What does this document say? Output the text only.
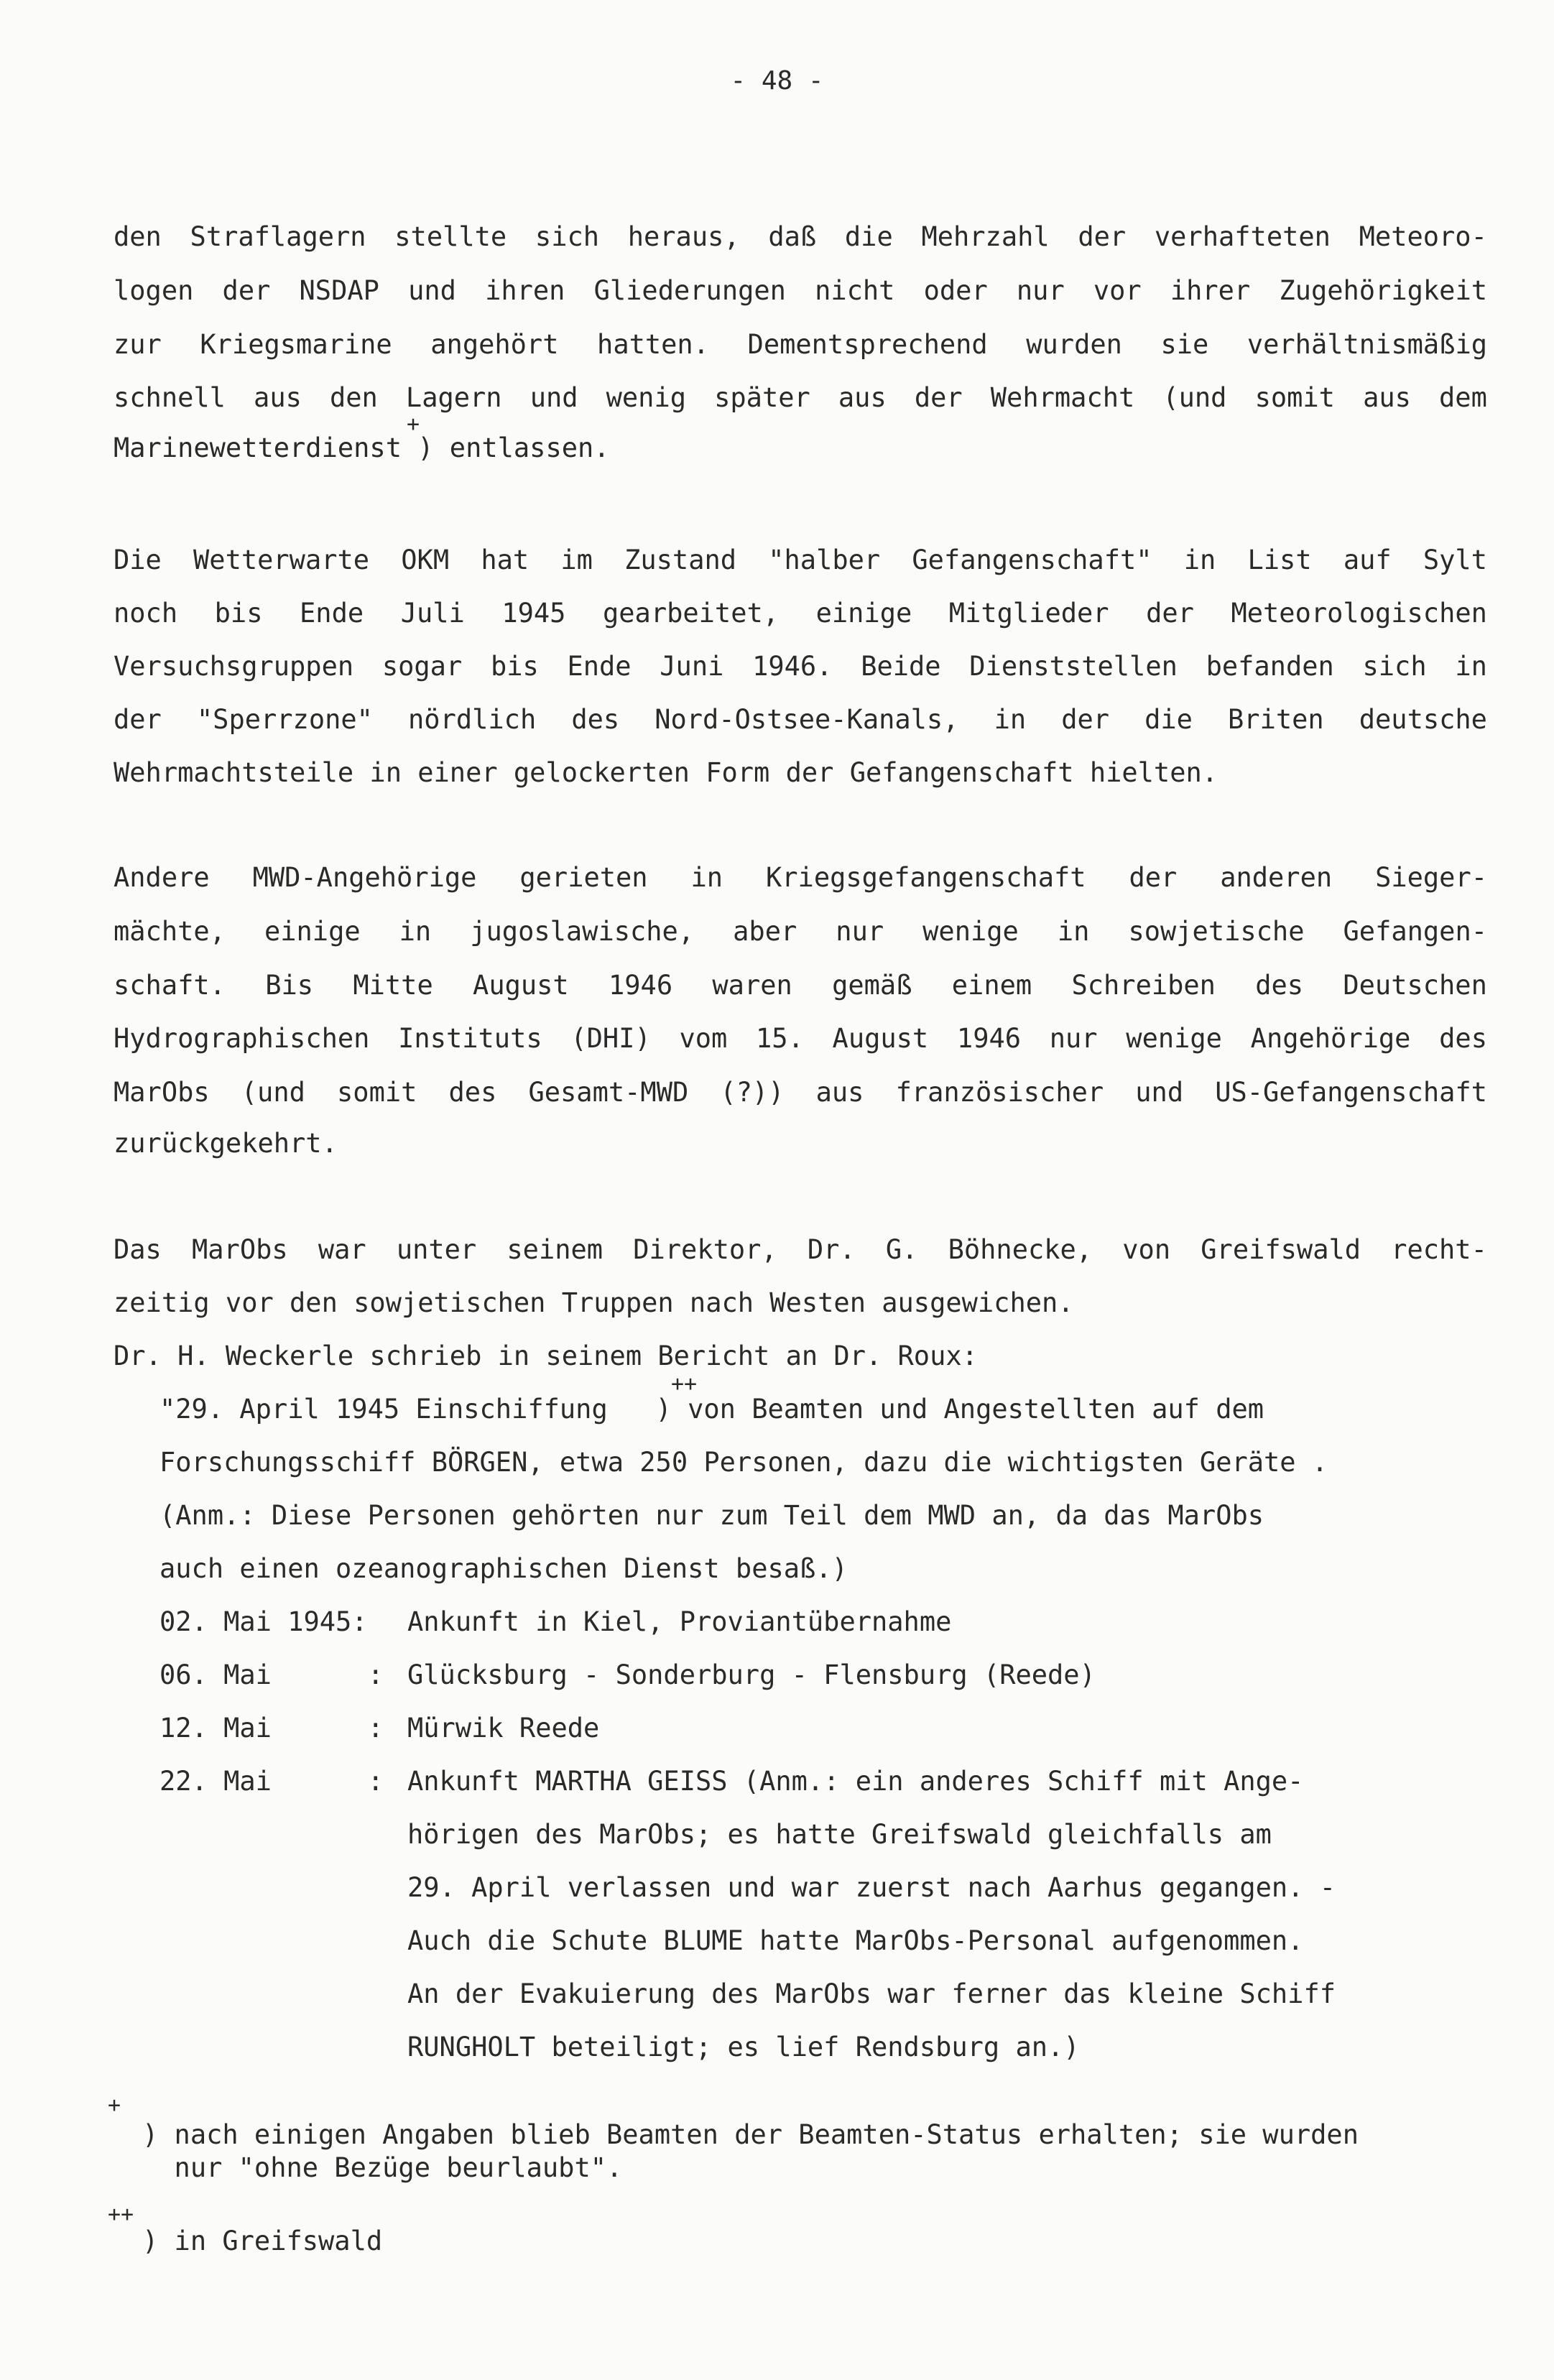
- 48 -
den Straflagern stellte sich heraus, daß die Mehrzahl der verhafteten Meteoro-
logen der NSDAP und ihren Gliederungen nicht oder nur vor ihrer Zugehörigkeit
zur Kriegsmarine angehört hatten. Dementsprechend wurden sie verhältnismäßig
schnell aus den Lagern und wenig später aus der Wehrmacht (und somit aus dem
Marinewetterdienst ) entlassen.
+
Die Wetterwarte OKM hat im Zustand "halber Gefangenschaft" in List auf Sylt
noch bis Ende Juli 1945 gearbeitet, einige Mitglieder der Meteorologischen
Versuchsgruppen sogar bis Ende Juni 1946. Beide Dienststellen befanden sich in
der "Sperrzone" nördlich des Nord-Ostsee-Kanals, in der die Briten deutsche
Wehrmachtsteile in einer gelockerten Form der Gefangenschaft hielten.
Andere MWD-Angehörige gerieten in Kriegsgefangenschaft der anderen Sieger-
mächte, einige in jugoslawische, aber nur wenige in sowjetische Gefangen-
schaft. Bis Mitte August 1946 waren gemäß einem Schreiben des Deutschen
Hydrographischen Instituts (DHI) vom 15. August 1946 nur wenige Angehörige des
MarObs (und somit des Gesamt-MWD (?)) aus französischer und US-Gefangenschaft
zurückgekehrt.
Das MarObs war unter seinem Direktor, Dr. G. Böhnecke, von Greifswald recht-
zeitig vor den sowjetischen Truppen nach Westen ausgewichen.
Dr. H. Weckerle schrieb in seinem Bericht an Dr. Roux:
"29. April 1945 Einschiffung   ) von Beamten und Angestellten auf dem
++
Forschungsschiff BÖRGEN, etwa 250 Personen, dazu die wichtigsten Geräte .
(Anm.: Diese Personen gehörten nur zum Teil dem MWD an, da das MarObs
auch einen ozeanographischen Dienst besaß.)
02. Mai 1945: Ankunft in Kiel, Proviantübernahme
06. Mai      : Glücksburg - Sonderburg - Flensburg (Reede)
12. Mai      : Mürwik Reede
22. Mai      : Ankunft MARTHA GEISS (Anm.: ein anderes Schiff mit Ange-
hörigen des MarObs; es hatte Greifswald gleichfalls am
29. April verlassen und war zuerst nach Aarhus gegangen. -
Auch die Schute BLUME hatte MarObs-Personal aufgenommen.
An der Evakuierung des MarObs war ferner das kleine Schiff
RUNGHOLT beteiligt; es lief Rendsburg an.)
+
) nach einigen Angaben blieb Beamten der Beamten-Status erhalten; sie wurden
nur "ohne Bezüge beurlaubt".
++
) in Greifswald
